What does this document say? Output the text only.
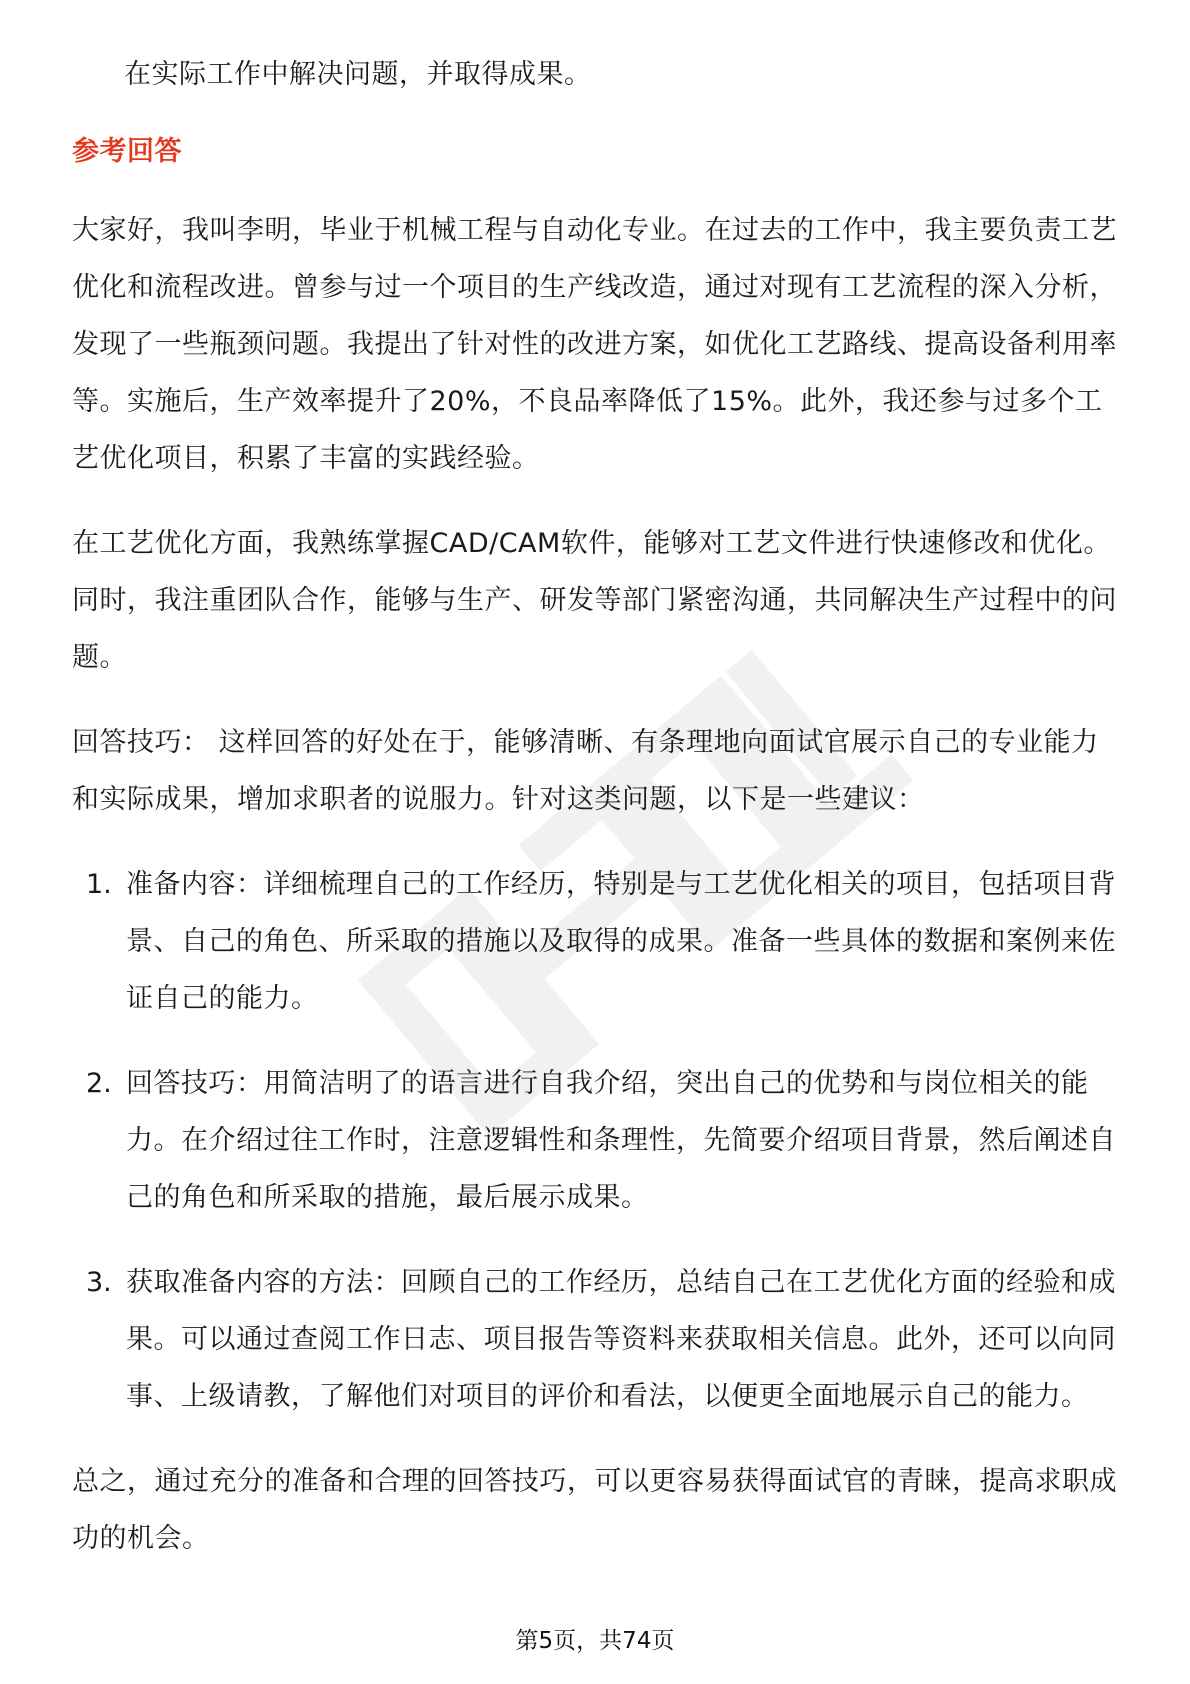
在实际工作中解决问题，并取得成果。

参考回答

大家好，我叫李明，毕业于机械工程与自动化专业。在过去的工作中，我主要负责工艺优化和流程改进。曾参与过一个项目的生产线改造，通过对现有工艺流程的深入分析，发现了一些瓶颈问题。我提出了针对性的改进方案，如优化工艺路线、提高设备利用率等。实施后，生产效率提升了20%，不良品率降低了15%。此外，我还参与过多个工艺优化项目，积累了丰富的实践经验。

在工艺优化方面，我熟练掌握CAD/CAM软件，能够对工艺文件进行快速修改和优化。同时，我注重团队合作，能够与生产、研发等部门紧密沟通，共同解决生产过程中的问题。

回答技巧： 这样回答的好处在于，能够清晰、有条理地向面试官展示自己的专业能力和实际成果，增加求职者的说服力。针对这类问题，以下是一些建议：

1. 准备内容：详细梳理自己的工作经历，特别是与工艺优化相关的项目，包括项目背景、自己的角色、所采取的措施以及取得的成果。准备一些具体的数据和案例来佐证自己的能力。

2. 回答技巧：用简洁明了的语言进行自我介绍，突出自己的优势和与岗位相关的能力。在介绍过往工作时，注意逻辑性和条理性，先简要介绍项目背景，然后阐述自己的角色和所采取的措施，最后展示成果。

3. 获取准备内容的方法：回顾自己的工作经历，总结自己在工艺优化方面的经验和成果。可以通过查阅工作日志、项目报告等资料来获取相关信息。此外，还可以向同事、上级请教，了解他们对项目的评价和看法，以便更全面地展示自己的能力。

总之，通过充分的准备和合理的回答技巧，可以更容易获得面试官的青睐，提高求职成功的机会。

第5页，共74页
